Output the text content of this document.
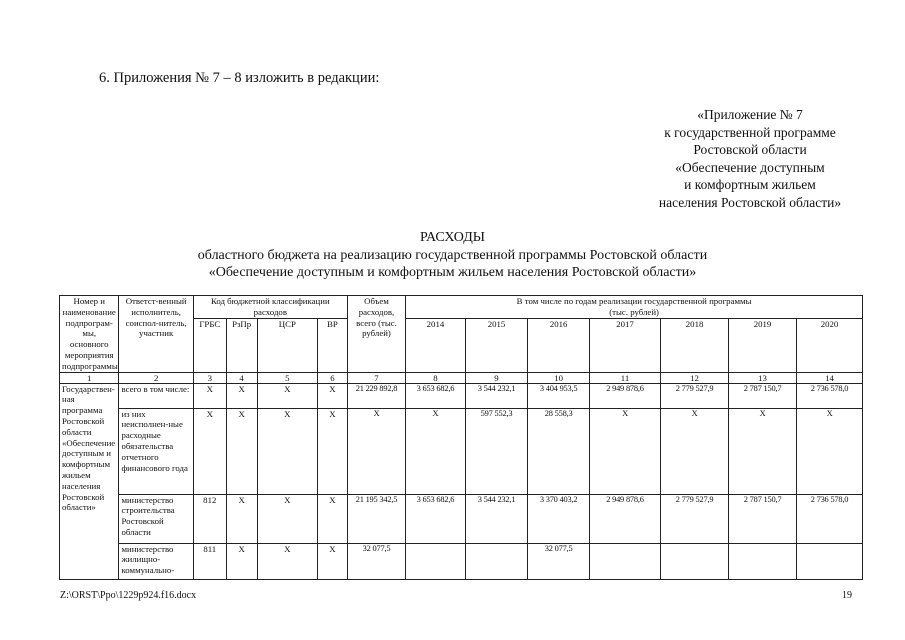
6. Приложения № 7 – 8 изложить в редакции:
«Приложение № 7
к государственной программе
Ростовской области
«Обеспечение доступным
и комфортным жильем
населения Ростовской области»
РАСХОДЫ
областного бюджета на реализацию государственной программы Ростовской области
«Обеспечение доступным и комфортным жильем населения Ростовской области»
Номер и наименование подпрограм-мы, основного мероприятия подпрограммы	Ответст-венный исполнитель, соиспол-нитель, участник	Код бюджетной классификации расходов				Объем расходов, всего (тыс. рублей)	В том числе по годам реализации государственной программы
(тыс. рублей)						

		ГРБС	РзПр	ЦСР	ВР		2014	2015	2016	2017	2018	2019	2020
1	2	3	4	5	6	7	8	9	10	11	12	13	14
Государствен-ная программа Ростовской области «Обеспечение доступным и комфортным жильем населения Ростовской области»	всего в том числе:	Х	Х	Х	Х	21 229 892,8	3 653 682,6	3 544 232,1	3 404 953,5	2 949 878,6	2 779 527,9	2 787 150,7	2 736 578,0
	из них неисполнен-ные расходные обязательства отчетного финансового года	Х	Х	Х	Х	Х	Х	597 552,3	28 558,3	Х	Х	Х	Х
	министерство строительства Ростовской области	812	Х	Х	Х	21 195 342,5	3 653 682,6	3 544 232,1	3 370 403,2	2 949 878,6	2 779 527,9	2 787 150,7	2 736 578,0
	министерство жилищно-коммунально-	811	Х	Х	Х	32 077,5			32 077,5				
Z:\ORST\Ppo\1229p924.f16.docx	19
